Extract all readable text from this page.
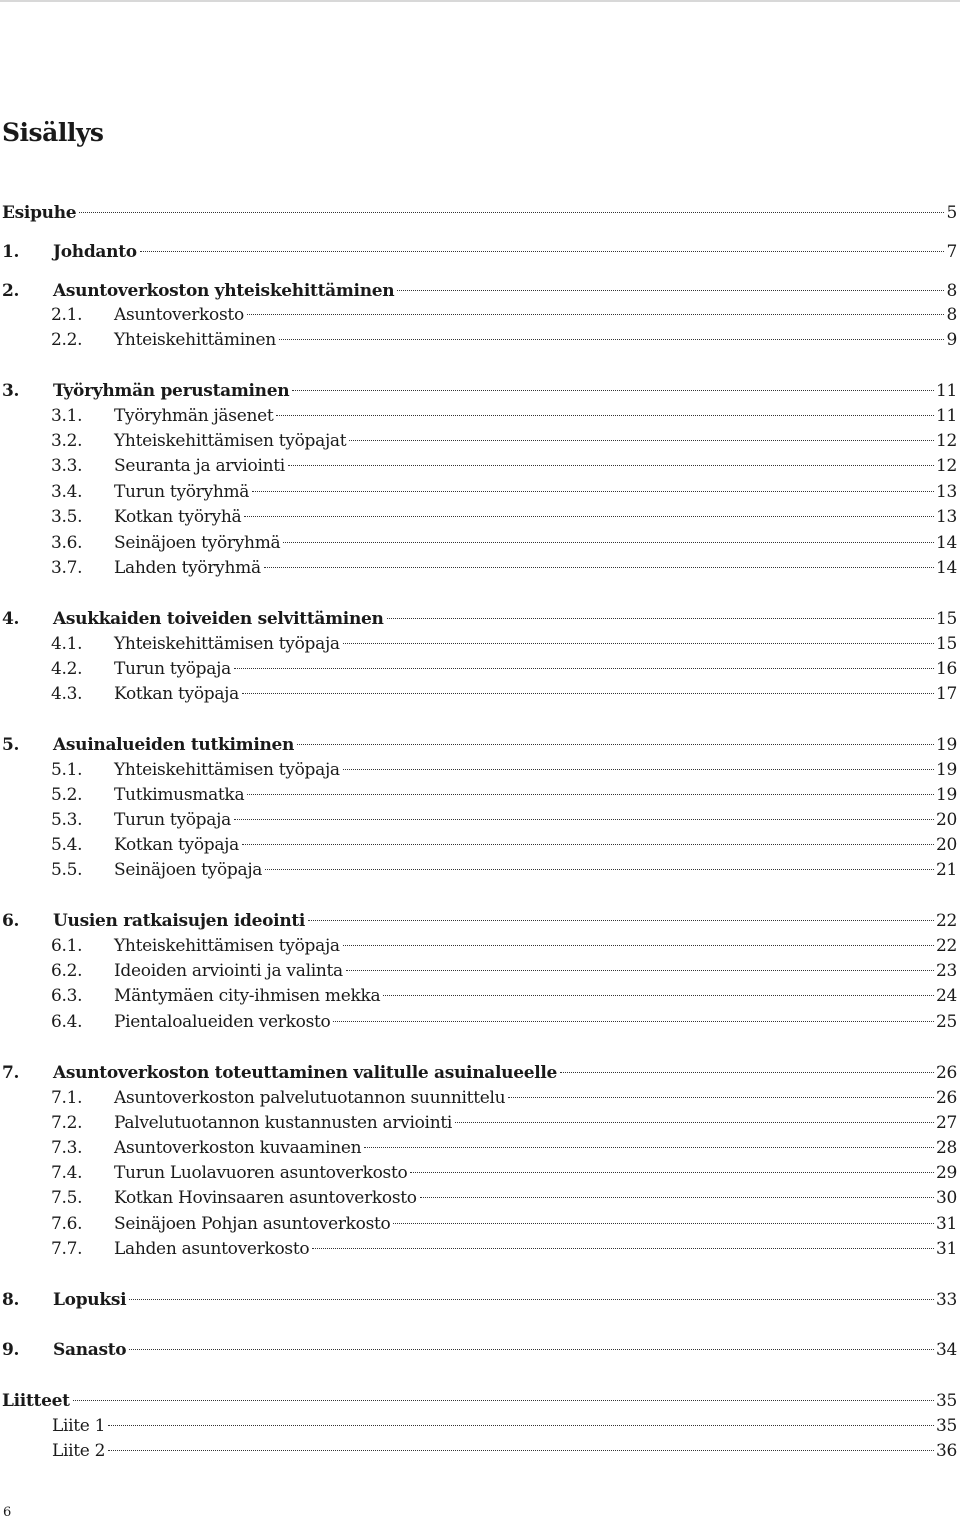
Sisällys
Esipuhe	5
1.	Johdanto	7
2.	Asuntoverkoston yhteiskehittäminen	8
2.1.	Asuntoverkosto	8
2.2.	Yhteiskehittäminen	9
3.	Työryhmän perustaminen	11
3.1.	Työryhmän jäsenet	11
3.2.	Yhteiskehittämisen työpajat	12
3.3.	Seuranta ja arviointi	12
3.4.	Turun työryhmä	13
3.5.	Kotkan työryhä	13
3.6.	Seinäjoen työryhmä	14
3.7.	Lahden työryhmä	14
4.	Asukkaiden toiveiden selvittäminen	15
4.1.	Yhteiskehittämisen työpaja	15
4.2.	Turun työpaja	16
4.3.	Kotkan työpaja	17
5.	Asuinalueiden tutkiminen	19
5.1.	Yhteiskehittämisen työpaja	19
5.2.	Tutkimusmatka	19
5.3.	Turun työpaja	20
5.4.	Kotkan työpaja	20
5.5.	Seinäjoen työpaja	21
6.	Uusien ratkaisujen ideointi	22
6.1.	Yhteiskehittämisen työpaja	22
6.2.	Ideoiden arviointi ja valinta	23
6.3.	Mäntymäen city-ihmisen mekka	24
6.4.	Pientaloalueiden verkosto	25
7.	Asuntoverkoston toteuttaminen valitulle asuinalueelle	26
7.1.	Asuntoverkoston palvelutuotannon suunnittelu	26
7.2.	Palvelutuotannon kustannusten arviointi	27
7.3.	Asuntoverkoston kuvaaminen	28
7.4.	Turun Luolavuoren asuntoverkosto	29
7.5.	Kotkan Hovinsaaren asuntoverkosto	30
7.6.	Seinäjoen Pohjan asuntoverkosto	31
7.7.	Lahden asuntoverkosto	31
8.	Lopuksi	33
9.	Sanasto	34
Liitteet	35
Liite 1	35
Liite 2	36
6
